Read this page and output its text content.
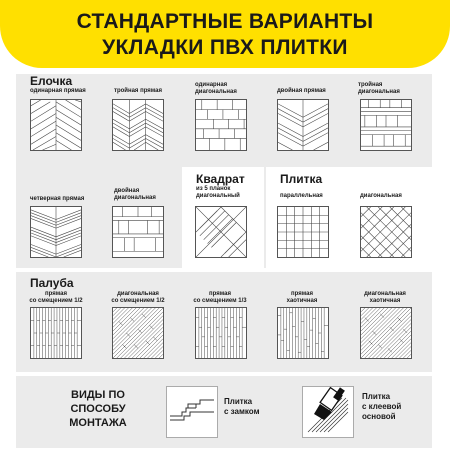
СТАНДАРТНЫЕ ВАРИАНТЫ
УКЛАДКИ ПВХ ПЛИТКИ
Елочка
одинарная прямая	тройная прямая
одинарная
диагональная	двойная прямая
тройная
диагональная
четверная прямая
двойная
диагональная
Квадрат
из 5 планок
диагональный
Плитка
параллельная	диагональная
Палуба
прямая
со смещением 1/2
диагональная
со смещением 1/2
прямая
со смещением 1/3
прямая
хаотичная
диагональная
хаотичная
ВИДЫ ПО
СПОСОБУ
МОНТАЖА
Плитка
с замком
Плитка
с клеевой
основой
